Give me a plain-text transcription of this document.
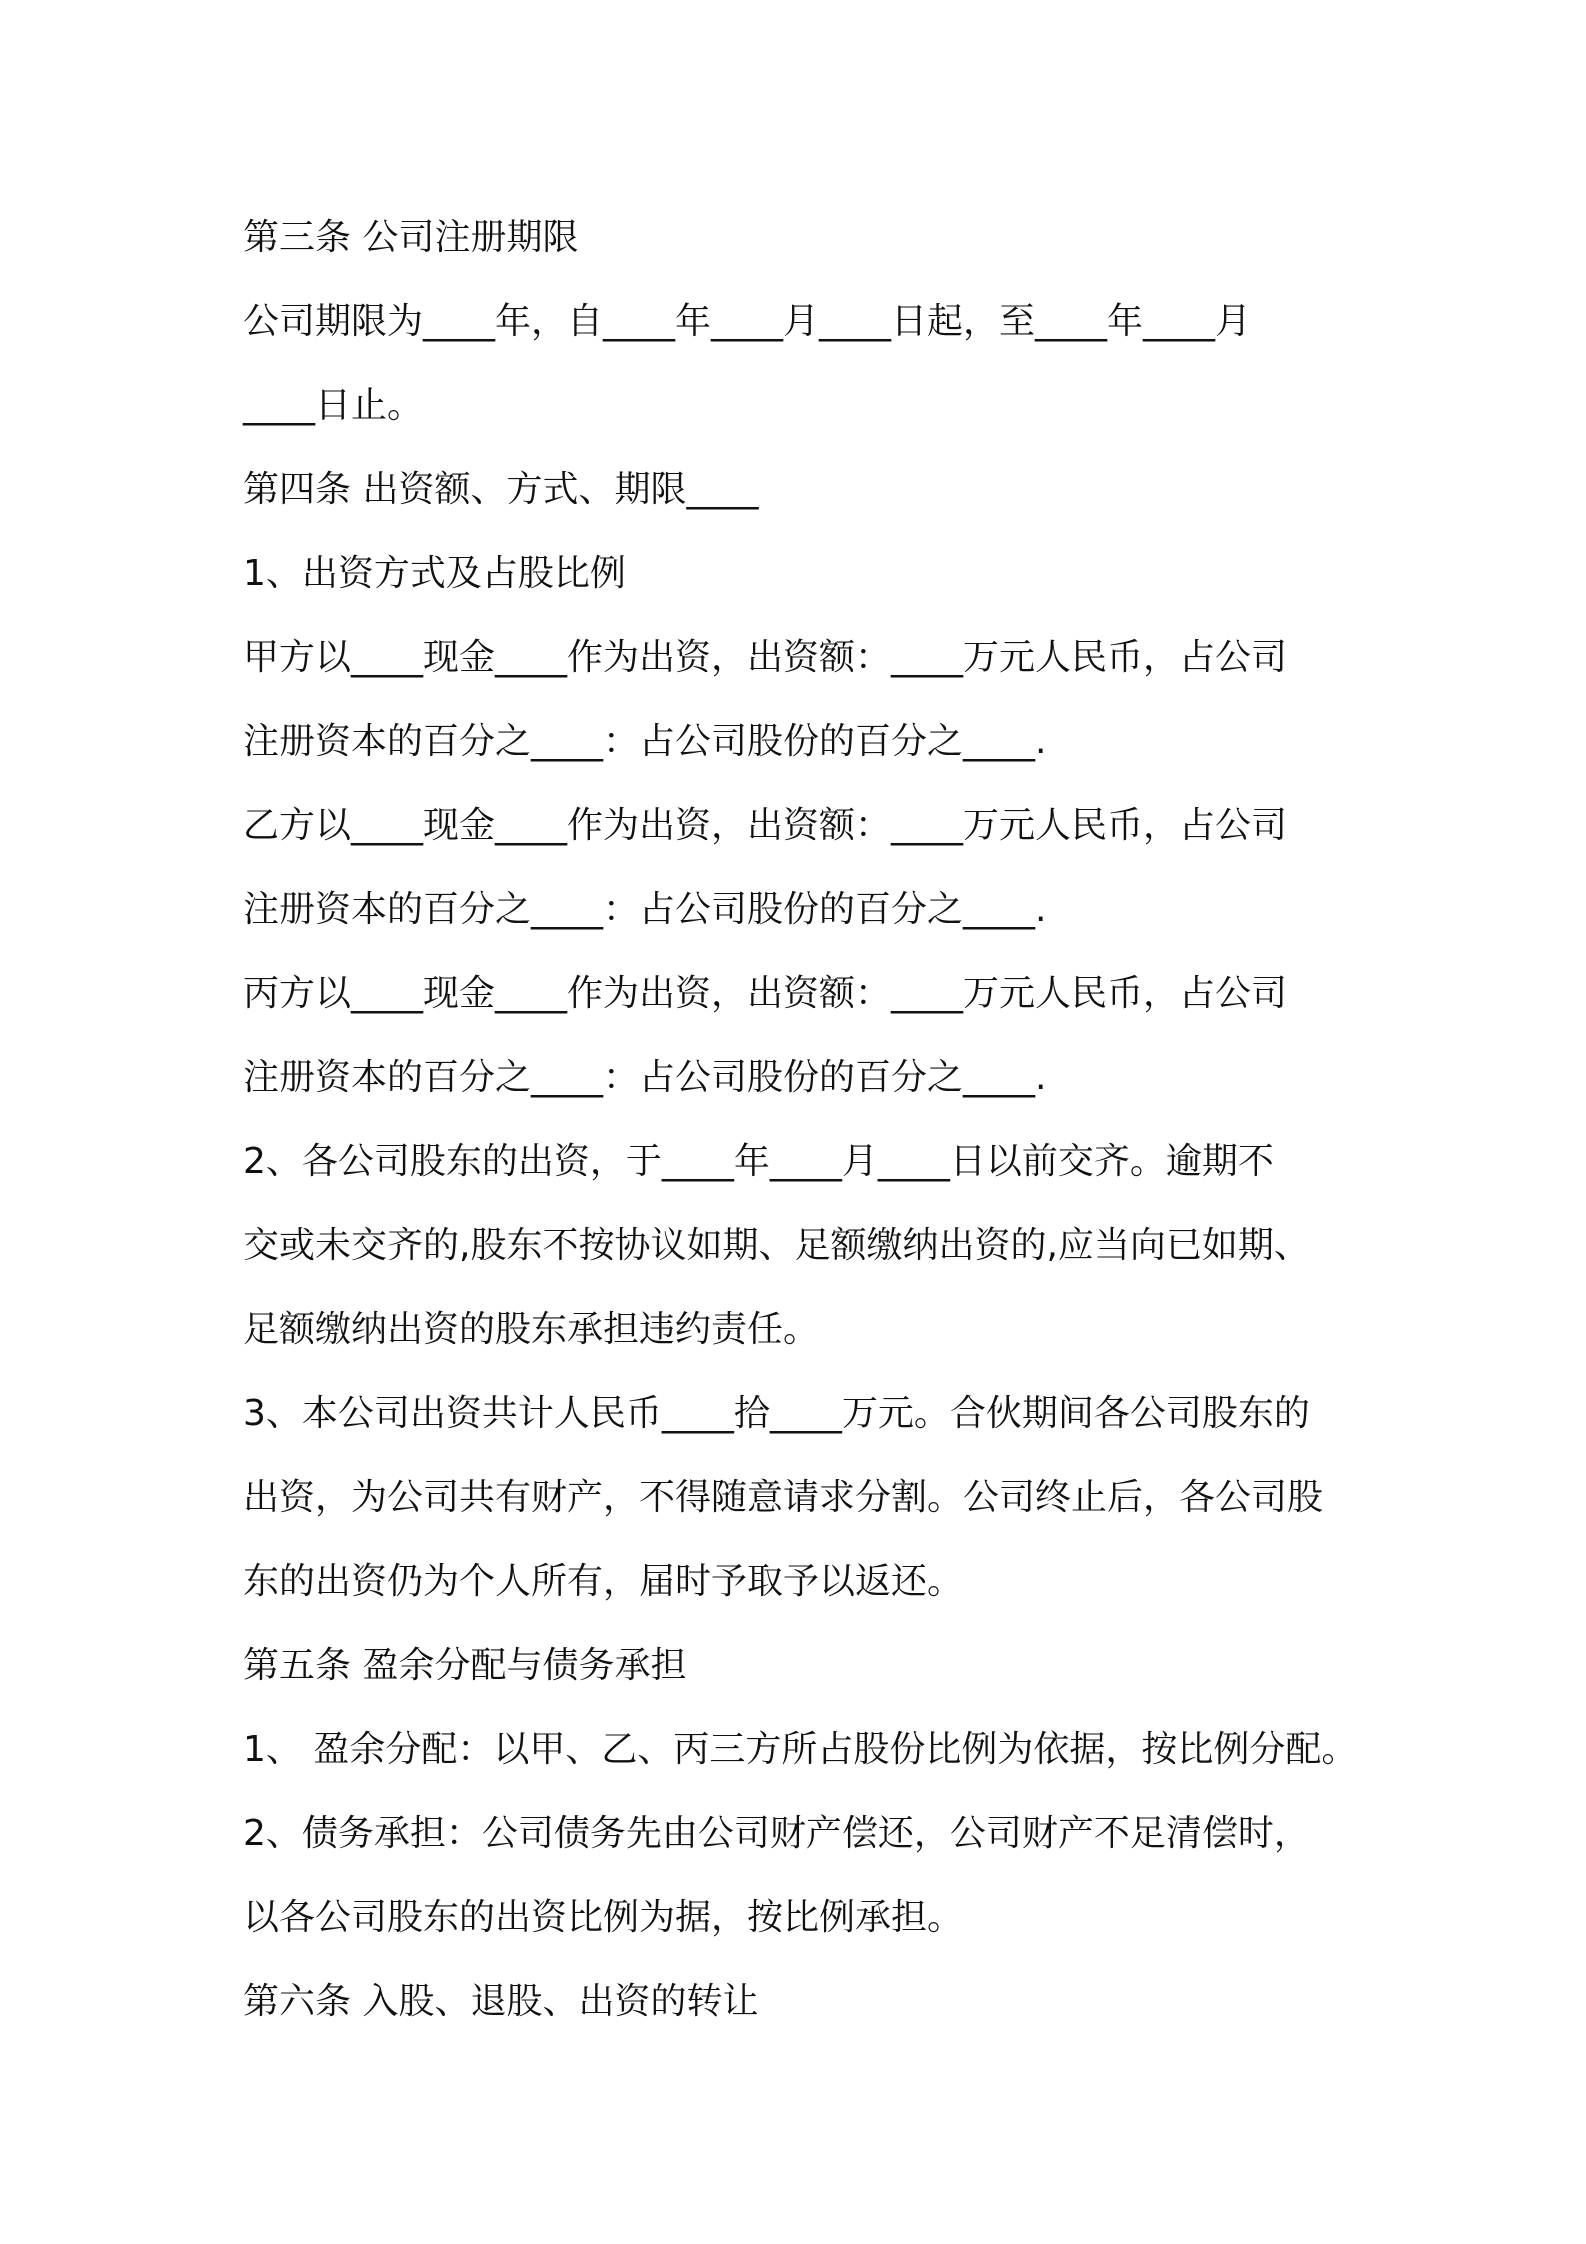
第三条 公司注册期限
公司期限为____年，自____年____月____日起，至____年____月
____日止。
第四条 出资额、方式、期限____
1、出资方式及占股比例
甲方以____现金____作为出资，出资额：____万元人民币，占公司
注册资本的百分之____：占公司股份的百分之____.
乙方以____现金____作为出资，出资额：____万元人民币，占公司
注册资本的百分之____：占公司股份的百分之____.
丙方以____现金____作为出资，出资额：____万元人民币，占公司
注册资本的百分之____：占公司股份的百分之____.
2、各公司股东的出资，于____年____月____日以前交齐。逾期不
交或未交齐的,股东不按协议如期、足额缴纳出资的,应当向已如期、
足额缴纳出资的股东承担违约责任。
3、本公司出资共计人民币____拾____万元。合伙期间各公司股东的
出资，为公司共有财产，不得随意请求分割。公司终止后，各公司股
东的出资仍为个人所有，届时予取予以返还。
第五条 盈余分配与债务承担
1、 盈余分配：以甲、乙、丙三方所占股份比例为依据，按比例分配。
2、债务承担：公司债务先由公司财产偿还，公司财产不足清偿时，
以各公司股东的出资比例为据，按比例承担。
第六条 入股、退股、出资的转让
